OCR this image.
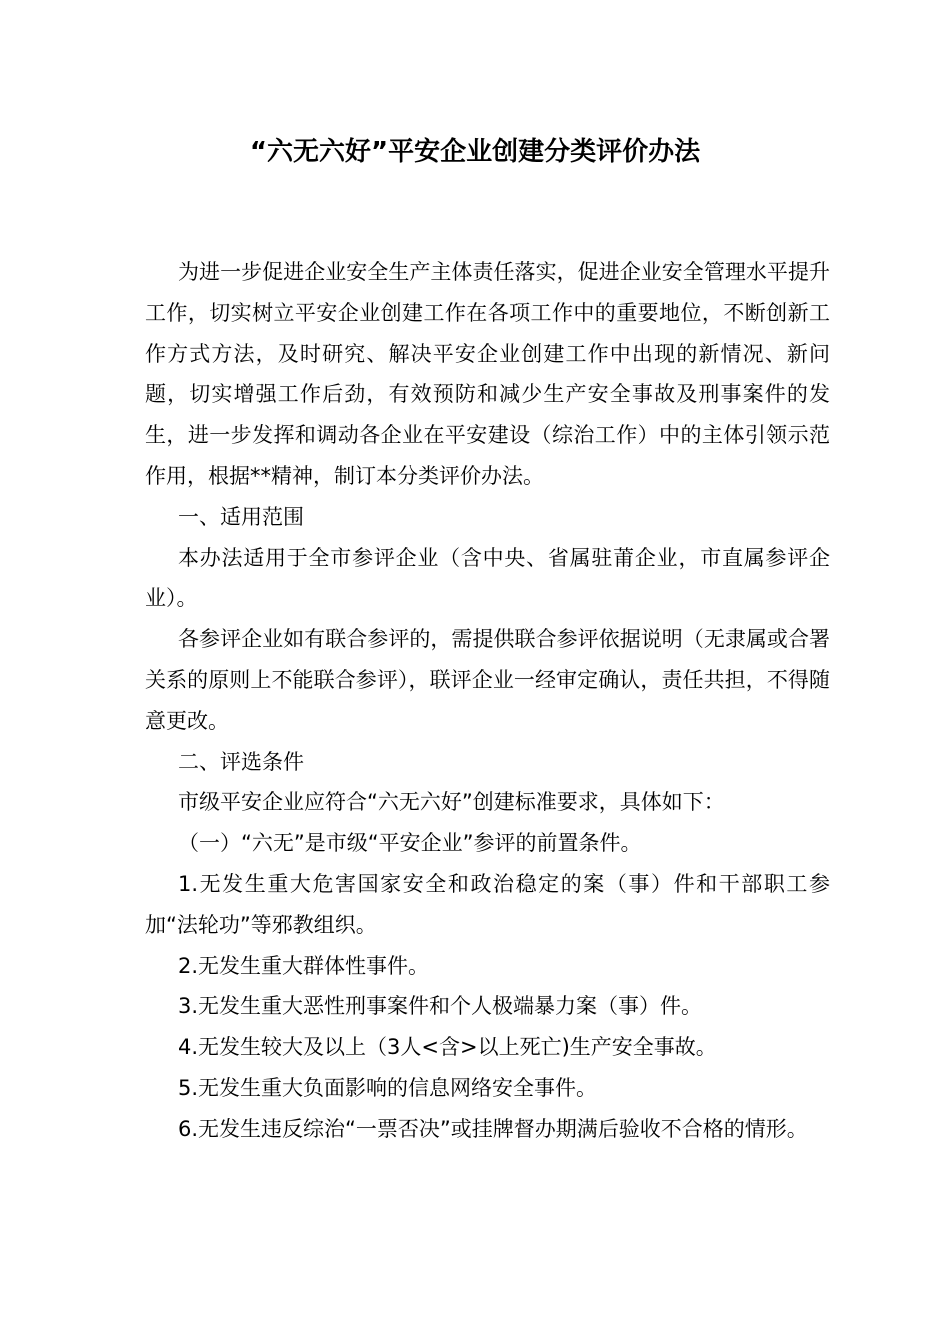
“六无六好”平安企业创建分类评价办法

为进一步促进企业安全生产主体责任落实，促进企业安全管理水平提升工作，切实树立平安企业创建工作在各项工作中的重要地位，不断创新工作方式方法，及时研究、解决平安企业创建工作中出现的新情况、新问题，切实增强工作后劲，有效预防和减少生产安全事故及刑事案件的发生，进一步发挥和调动各企业在平安建设（综治工作）中的主体引领示范作用，根据**精神，制订本分类评价办法。

一、适用范围

本办法适用于全市参评企业（含中央、省属驻莆企业，市直属参评企业）。

各参评企业如有联合参评的，需提供联合参评依据说明（无隶属或合署关系的原则上不能联合参评），联评企业一经审定确认，责任共担，不得随意更改。

二、评选条件

市级平安企业应符合“六无六好”创建标准要求，具体如下：

（一）“六无”是市级“平安企业”参评的前置条件。

1.无发生重大危害国家安全和政治稳定的案（事）件和干部职工参加“法轮功”等邪教组织。

2.无发生重大群体性事件。

3.无发生重大恶性刑事案件和个人极端暴力案（事）件。

4.无发生较大及以上（3人<含>以上死亡)生产安全事故。

5.无发生重大负面影响的信息网络安全事件。

6.无发生违反综治“一票否决”或挂牌督办期满后验收不合格的情形。
